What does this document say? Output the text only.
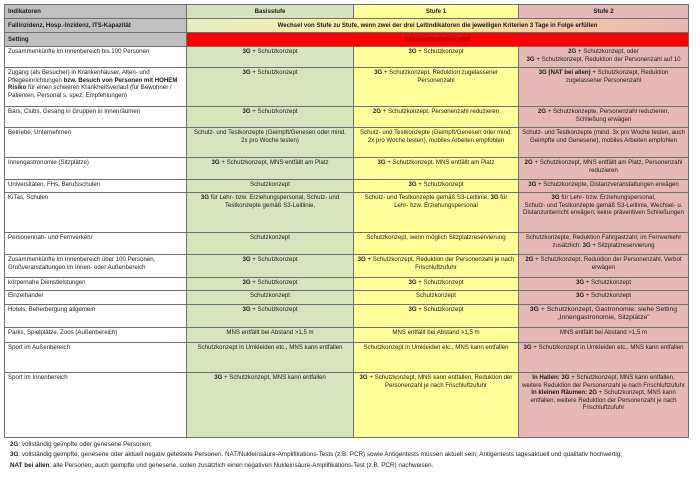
Indikatoren	Basisstufe	Stufe 1	Stufe 2
Fallinzidenz, Hosp.-Inzidenz, ITS-Kapazität	Wechsel von Stufe zu Stufe, wenn zwei der drei Leitindikatoren die jeweiligen Kriterien 3 Tage in Folge erfüllen		
Setting	Basismaßnahmen plus		
Zusammenkünfte im Innenbereich bis 100 Personen	3G + Schutzkonzept	3G + Schutzkonzept	2G + Schutzkonzept, oder
3G + Schutzkonzept, Reduktion der Personenzahl auf 10
Zugang (als Besucher) in Krankenhäuser, Alten- und Pflegeeinrichtungen bzw. Besuch von Personen mit HOHEM Risiko für einen schweren Krankheitsverlauf (für Bewohner / Patienten, Personal s. spez. Empfehlungen)	3G + Schutzkonzept	3G + Schutzkonzept, Reduktion zugelassener Personenzahl	3G (NAT bei allen) + Schutzkonzept, Reduktion zugelassener Personenzahl
Bars, Clubs, Gesang in Gruppen in Innenräumen	3G + Schutzkonzept	2G + Schutzkonzept, Personenzahl reduzieren	2G + Schutzkonzepte, Personenzahl reduzieren, Schließung erwägen
Betriebe, Unternehmen	Schutz- und Testkonzepte (Geimpft/Genesen oder mind. 2x pro Woche testen)	Schutz- und Testkonzepte (Geimpft/Genesen oder mind. 2x pro Woche testen), mobiles Arbeiten empfohlen	Schutz- und Testkonzepte (mind. 3x pro Woche testen, auch Geimpfte und Genesene), mobiles Arbeiten empfohlen
Innengastronomie (Sitzplätze)	3G + Schutzkonzept, MNS entfällt am Platz	3G + Schutzkonzept, MNS entfällt am Platz	2G + Schutzkonzept, MNS entfällt am Platz, Personenzahl reduzieren
Universitäten, FHs, Berufsschulen	Schutzkonzept	3G + Schutzkonzept	3G + Schutzkonzepte, Distanzveranstaltungen erwägen
KiTas, Schulen	3G für Lehr- bzw. Erziehungspersonal, Schutz- und Testkonzepte gemäß S3-Leitlinie,	Schutz- und Testkonzepte gemäß S3-Leitlinie, 3G für Lehr- bzw. Erziehungspersonal	3G für Lehr- bzw. Erziehungspersonal,
Schutz- und Testkonzepte gemäß S3-Leitlinie, Wechsel- u. Distanzunterricht erwägen; keine präventiven Schließungen
Personennah- und Fernverkehr	Schutzkonzept	Schutzkonzept, wenn möglich Sitzplatzreservierung	Schutzkonzepte, Reduktion Fahrgastzahl; im Fernverkehr zusätzlich: 3G + Sitzplatzreservierung
Zusammenkünfte im Innenbereich über 100 Personen, Großveranstaltungen im Innen- oder Außenbereich	3G + Schutzkonzept	3G + Schutzkonzept, Reduktion der Personenzahl je nach Frischluftzufuhr	2G + Schutzkonzept, Reduktion der Personenzahl, Verbot erwägen
körpernahe Dienstleistungen	3G + Schutzkonzept	3G + Schutzkonzept	3G + Schutzkonzept
Einzelhandel	Schutzkonzept	Schutzkonzept	3G + Schutzkonzept
Hotels, Beherbergung allgemein	3G + Schutzkonzept	3G + Schutzkonzept	3G + Schutzkonzept, Gastronomie: siehe Setting „Innengastronomie, Sitzplätze"
Parks, Spielplätze, Zoos (Außenbereich)	MNS entfällt bei Abstand >1,5 m	MNS entfällt bei Abstand >1,5 m	MNS entfällt bei Abstand >1,5 m
Sport im Außenbereich	Schutzkonzept in Umkleiden etc., MNS kann entfallen	Schutzkonzept in Umkleiden etc., MNS kann entfallen	3G + Schutzkonzept in Umkleiden etc., MNS kann entfallen
Sport im Innenbereich	3G + Schutzkonzept, MNS kann entfallen	3G + Schutzkonzept, MNS kann entfallen, Reduktion der Personenzahl je nach Frischluftzufuhr	In Hallen: 3G + Schutzkonzept, MNS kann entfallen, weitere Reduktion der Personenzahl je nach Frischluftzufuhr
In kleinen Räumen: 2G + Schutzkonzept, MNS kann entfallen, weitere Reduktion der Personenzahl je nach Frischluftzufuhr

2G: vollständig geimpfte oder genesene Personen;

3G: vollständig geimpfte, genesene oder aktuell negativ getestete Personen. NAT/Nukleinsäure-Amplifikations-Tests (z.B. PCR) sowie Antigentests müssen aktuell sein; Antigentests tagesaktuell und qualitativ hochwertig;

NAT bei allen: alle Personen, auch geimpfte und genesene, sollen zusätzlich einen negativen Nukleinsäure-Amplifikations-Test (z.B. PCR) nachweisen.
